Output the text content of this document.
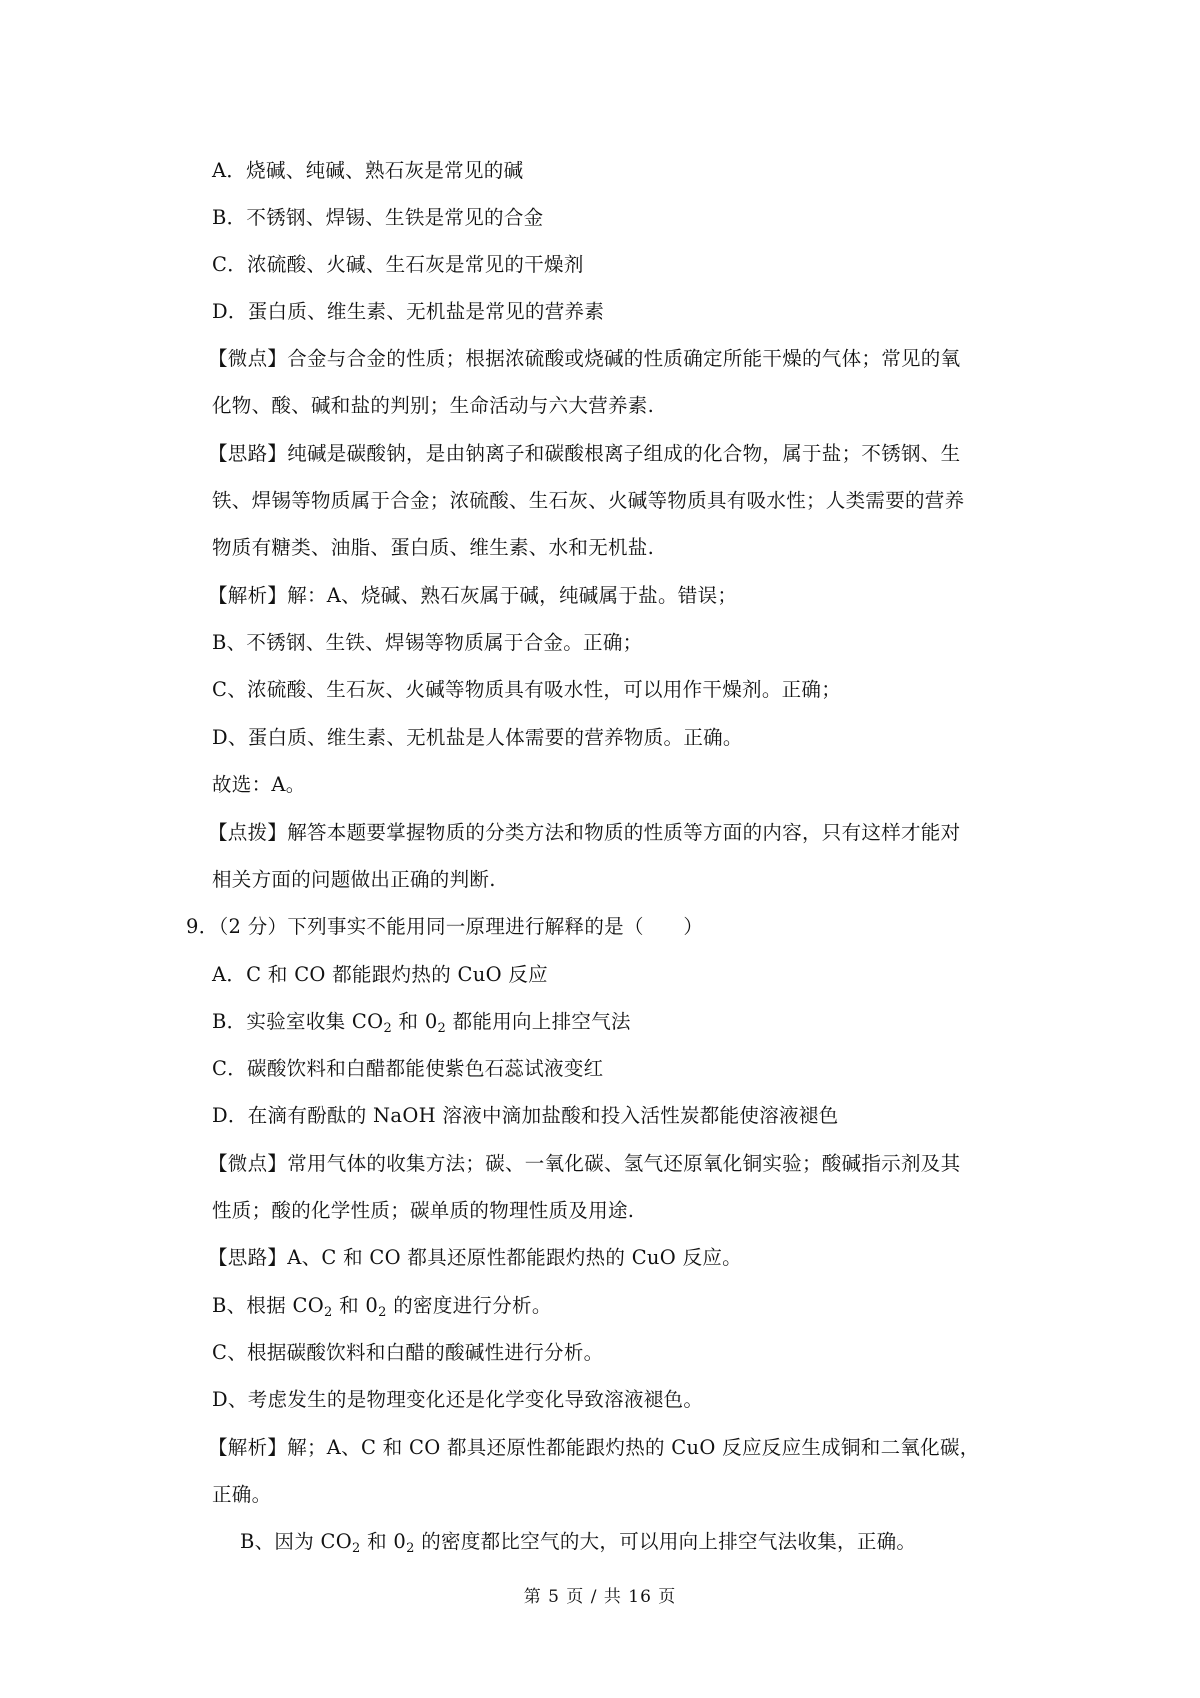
A．烧碱、纯碱、熟石灰是常见的碱
B．不锈钢、焊锡、生铁是常见的合金
C．浓硫酸、火碱、生石灰是常见的干燥剂
D．蛋白质、维生素、无机盐是常见的营养素
【微点】合金与合金的性质；根据浓硫酸或烧碱的性质确定所能干燥的气体；常见的氧
化物、酸、碱和盐的判别；生命活动与六大营养素.
【思路】纯碱是碳酸钠，是由钠离子和碳酸根离子组成的化合物，属于盐；不锈钢、生
铁、焊锡等物质属于合金；浓硫酸、生石灰、火碱等物质具有吸水性；人类需要的营养
物质有糖类、油脂、蛋白质、维生素、水和无机盐.
【解析】解：A、烧碱、熟石灰属于碱，纯碱属于盐。错误；
B、不锈钢、生铁、焊锡等物质属于合金。正确；
C、浓硫酸、生石灰、火碱等物质具有吸水性，可以用作干燥剂。正确；
D、蛋白质、维生素、无机盐是人体需要的营养物质。正确。
故选：A。
【点拨】解答本题要掌握物质的分类方法和物质的性质等方面的内容，只有这样才能对
相关方面的问题做出正确的判断.
9．（2 分）下列事实不能用同一原理进行解释的是（　　）
A．C 和 CO 都能跟灼热的 CuO 反应
B．实验室收集 $CO_2$ 和 $0_2$ 都能用向上排空气法
C．碳酸饮料和白醋都能使紫色石蕊试液变红
D．在滴有酚酞的 NaOH 溶液中滴加盐酸和投入活性炭都能使溶液褪色
【微点】常用气体的收集方法；碳、一氧化碳、氢气还原氧化铜实验；酸碱指示剂及其
性质；酸的化学性质；碳单质的物理性质及用途.
【思路】A、C 和 CO 都具还原性都能跟灼热的 CuO 反应。
B、根据 $CO_2$ 和 $0_2$ 的密度进行分析。
C、根据碳酸饮料和白醋的酸碱性进行分析。
D、考虑发生的是物理变化还是化学变化导致溶液褪色。
【解析】解；A、C 和 CO 都具还原性都能跟灼热的 CuO 反应反应生成铜和二氧化碳，
正确。
B、因为 $CO_2$ 和 $0_2$ 的密度都比空气的大，可以用向上排空气法收集，正确。
第 5 页 / 共 16 页
